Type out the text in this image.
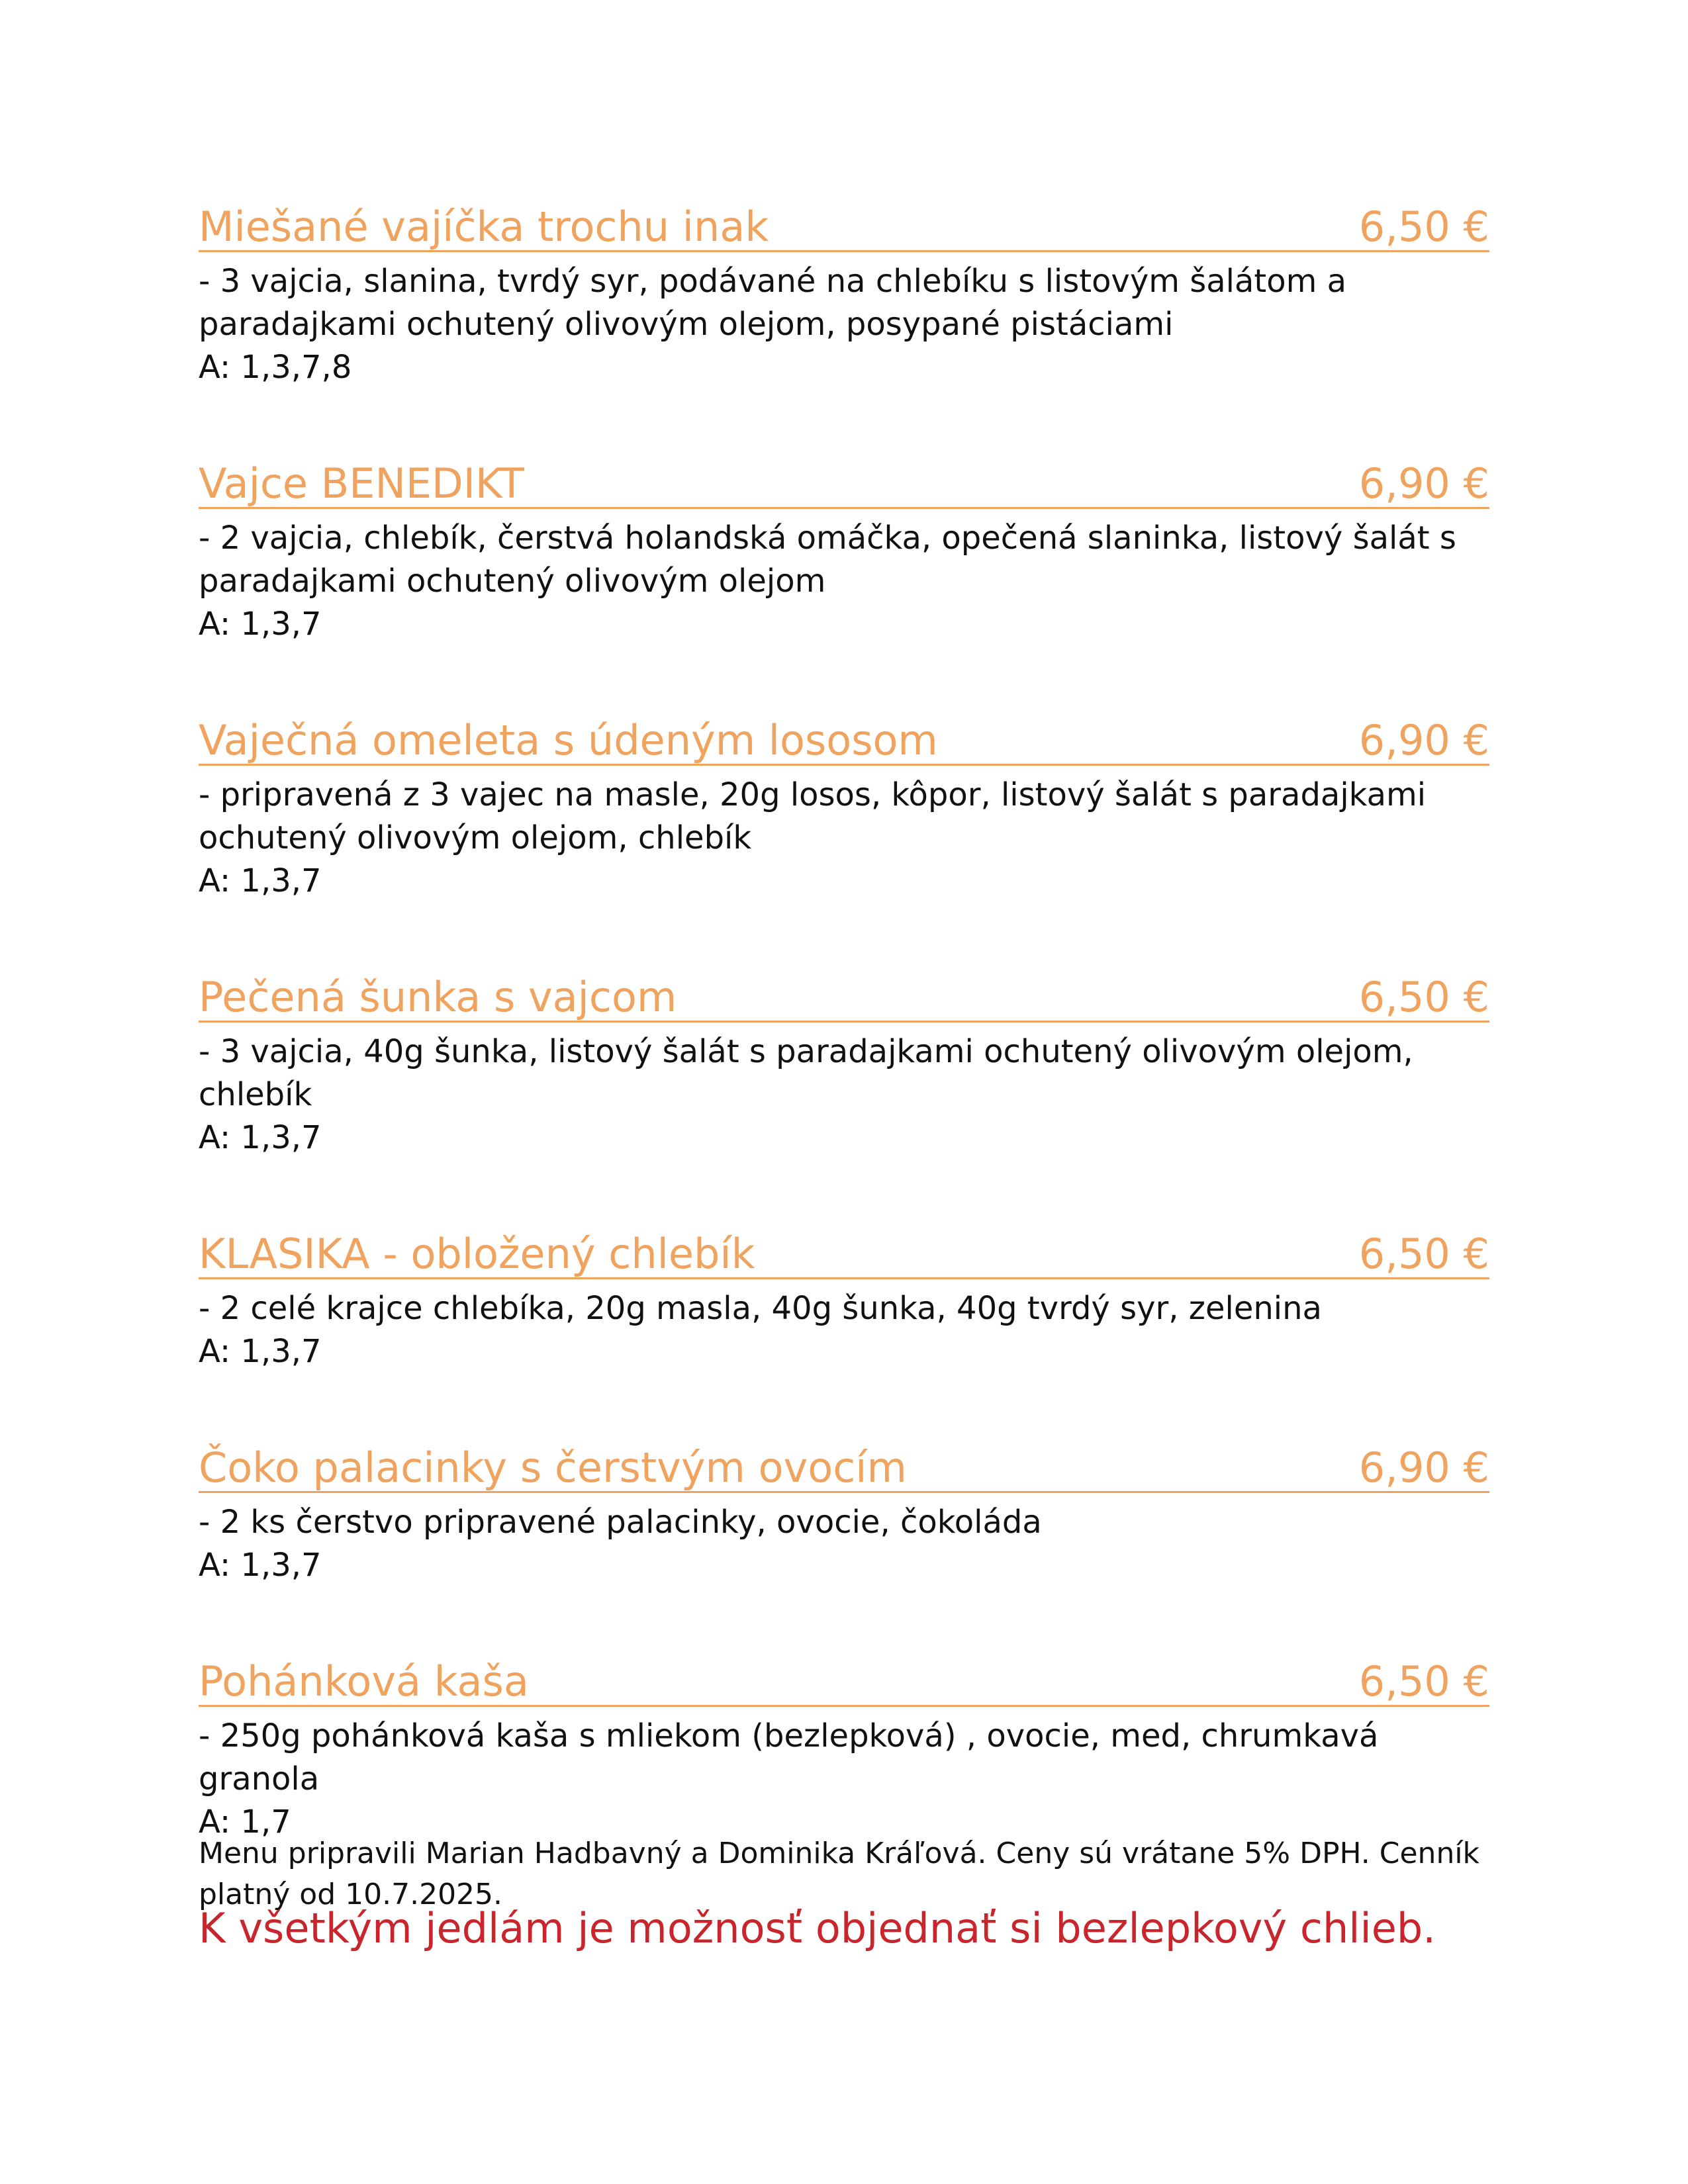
Miešané vajíčka trochu inak	6,50 €

- 3 vajcia, slanina, tvrdý syr, podávané na chlebíku s listovým šalátom a paradajkami ochutený olivovým olejom, posypané pistáciami

A: 1,3,7,8

Vajce BENEDIKT	6,90 €

- 2 vajcia, chlebík, čerstvá holandská omáčka, opečená slaninka, listový šalát s paradajkami ochutený olivovým olejom

A: 1,3,7

Vaječná omeleta s údeným lososom	6,90 €

- pripravená z 3 vajec na masle, 20g losos, kôpor, listový šalát s paradajkami ochutený olivovým olejom, chlebík

A: 1,3,7

Pečená šunka s vajcom	6,50 €

- 3 vajcia, 40g šunka, listový šalát s paradajkami ochutený olivovým olejom, chlebík

A: 1,3,7

KLASIKA - obložený chlebík	6,50 €

- 2 celé krajce chlebíka, 20g masla, 40g šunka, 40g tvrdý syr, zelenina

A: 1,3,7

Čoko palacinky s čerstvým ovocím	6,90 €

- 2 ks čerstvo pripravené palacinky, ovocie, čokoláda

A: 1,3,7

Pohánková kaša	6,50 €

- 250g pohánková kaša s mliekom (bezlepková) , ovocie, med, chrumkavá granola

A: 1,7

K všetkým jedlám je možnosť objednať si bezlepkový chlieb.
Menu pripravili Marian Hadbavný a Dominika Kráľová. Ceny sú vrátane 5% DPH. Cenník platný od 10.7.2025.
